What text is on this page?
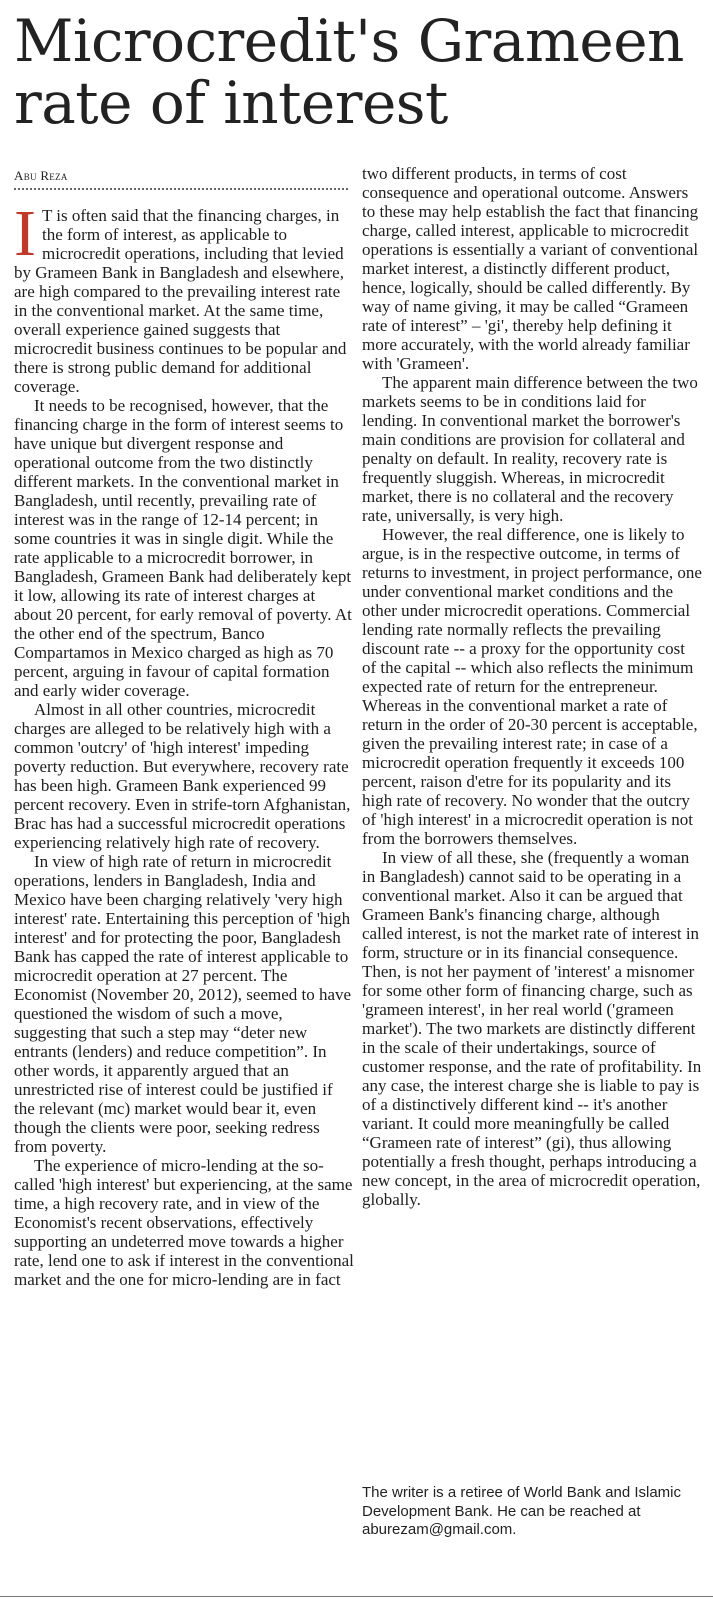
Microcredit's Grameen rate of interest
Abu Reza

I T is often said that the financing charges, in the form of interest, as applicable to microcredit operations, including that levied by Grameen Bank in Bangladesh and elsewhere, are high compared to the prevailing interest rate in the conventional market. At the same time, overall experience gained suggests that microcredit business continues to be popular and there is strong public demand for additional coverage.

It needs to be recognised, however, that the financing charge in the form of interest seems to have unique but divergent response and operational outcome from the two distinctly different markets. In the conventional market in Bangladesh, until recently, prevailing rate of interest was in the range of 12-14 percent; in some countries it was in single digit. While the rate applicable to a microcredit borrower, in Bangladesh, Grameen Bank had deliberately kept it low, allowing its rate of interest charges at about 20 percent, for early removal of poverty. At the other end of the spectrum, Banco Compartamos in Mexico charged as high as 70 percent, arguing in favour of capital formation and early wider coverage.

Almost in all other countries, microcredit charges are alleged to be relatively high with a common 'outcry' of 'high interest' impeding poverty reduction. But everywhere, recovery rate has been high. Grameen Bank experienced 99 percent recovery. Even in strife-torn Afghanistan, Brac has had a successful microcredit operations experiencing relatively high rate of recovery.

In view of high rate of return in microcredit operations, lenders in Bangladesh, India and Mexico have been charging relatively 'very high interest' rate. Entertaining this perception of 'high interest' and for protecting the poor, Bangladesh Bank has capped the rate of interest applicable to microcredit operation at 27 percent. The Economist (November 20, 2012), seemed to have questioned the wisdom of such a move, suggesting that such a step may “deter new entrants (lenders) and reduce competition”. In other words, it apparently argued that an unrestricted rise of interest could be justified if the relevant (mc) market would bear it, even though the clients were poor, seeking redress from poverty.

The experience of micro-lending at the so-called 'high interest' but experiencing, at the same time, a high recovery rate, and in view of the Economist's recent observations, effectively supporting an undeterred move towards a higher rate, lend one to ask if interest in the conventional market and the one for micro-lending are in fact

two different products, in terms of cost consequence and operational outcome. Answers to these may help establish the fact that financing charge, called interest, applicable to microcredit operations is essentially a variant of conventional market interest, a distinctly different product, hence, logically, should be called differently. By way of name giving, it may be called “Grameen rate of interest” – 'gi', thereby help defining it more accurately, with the world already familiar with 'Grameen'.

The apparent main difference between the two markets seems to be in conditions laid for lending. In conventional market the borrower's main conditions are provision for collateral and penalty on default. In reality, recovery rate is frequently sluggish. Whereas, in microcredit market, there is no collateral and the recovery rate, universally, is very high.

However, the real difference, one is likely to argue, is in the respective outcome, in terms of returns to investment, in project performance, one under conventional market conditions and the other under microcredit operations. Commercial lending rate normally reflects the prevailing discount rate -- a proxy for the opportunity cost of the capital -- which also reflects the minimum expected rate of return for the entrepreneur. Whereas in the conventional market a rate of return in the order of 20-30 percent is acceptable, given the prevailing interest rate; in case of a microcredit operation frequently it exceeds 100 percent, raison d'etre for its popularity and its high rate of recovery. No wonder that the outcry of 'high interest' in a microcredit operation is not from the borrowers themselves.

In view of all these, she (frequently a woman in Bangladesh) cannot said to be operating in a conventional market. Also it can be argued that Grameen Bank's financing charge, although called interest, is not the market rate of interest in form, structure or in its financial consequence. Then, is not her payment of 'interest' a misnomer for some other form of financing charge, such as 'grameen interest', in her real world ('grameen market'). The two markets are distinctly different in the scale of their undertakings, source of customer response, and the rate of profitability. In any case, the interest charge she is liable to pay is of a distinctively different kind -- it's another variant. It could more meaningfully be called “Grameen rate of interest” (gi), thus allowing potentially a fresh thought, perhaps introducing a new concept, in the area of microcredit operation, globally.

The writer is a retiree of World Bank and Islamic Development Bank. He can be reached at aburezam@gmail.com.
